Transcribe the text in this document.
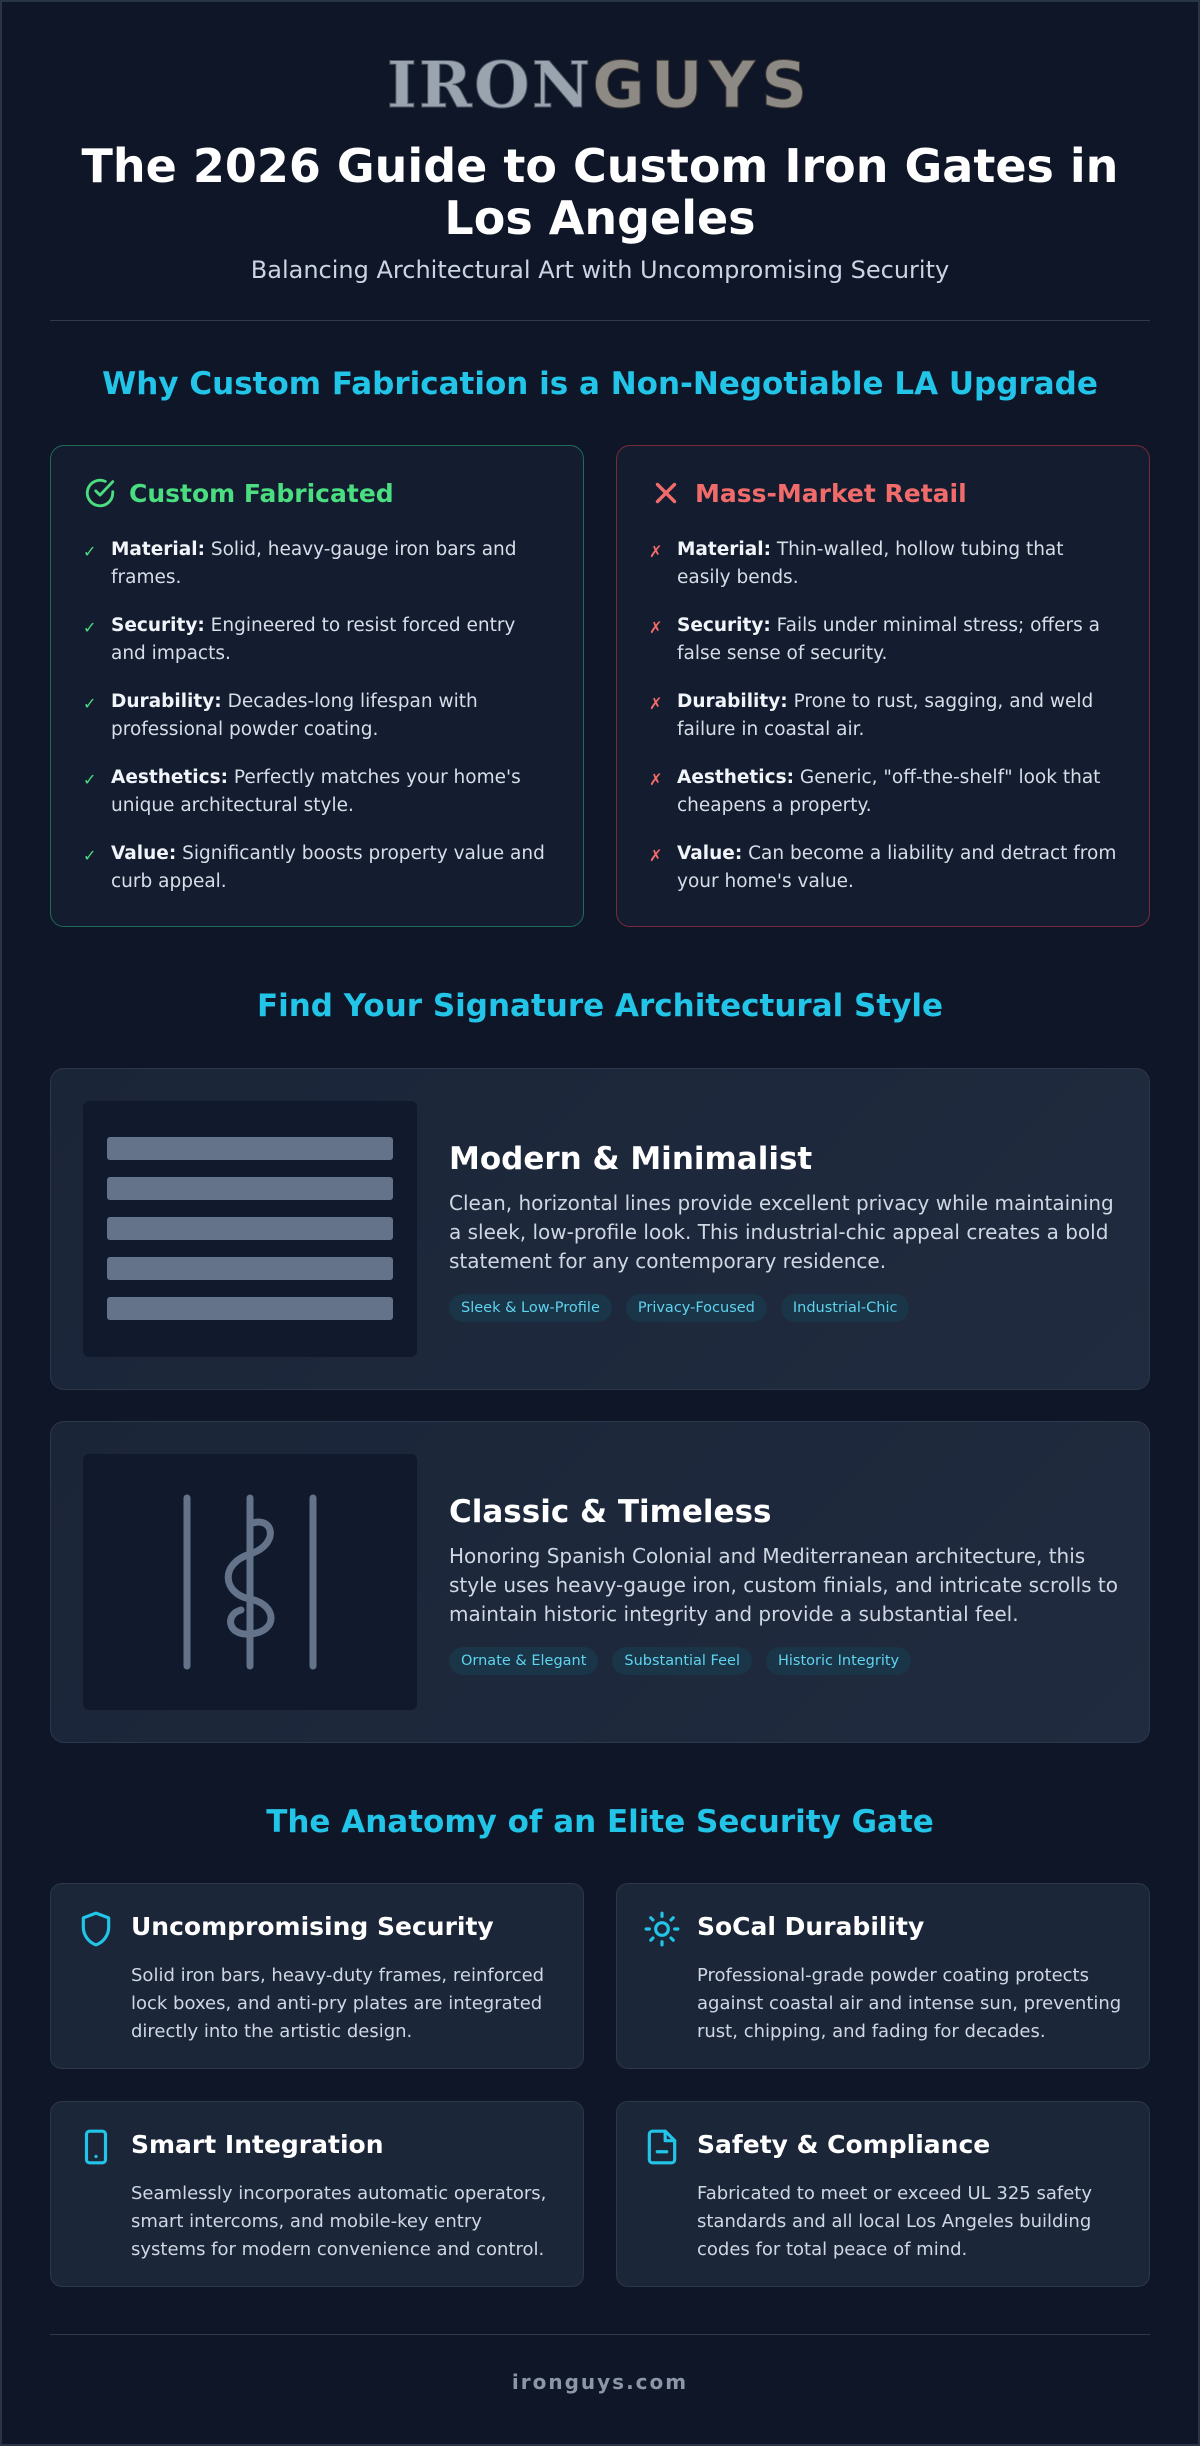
IRONGUYS
The 2026 Guide to Custom Iron Gates in Los Angeles
Balancing Architectural Art with Uncompromising Security
Why Custom Fabrication is a Non-Negotiable LA Upgrade
Custom Fabricated
✓ Material: Solid, heavy-gauge iron bars and frames.
✓ Security: Engineered to resist forced entry and impacts.
✓ Durability: Decades-long lifespan with professional powder coating.
✓ Aesthetics: Perfectly matches your home's unique architectural style.
✓ Value: Significantly boosts property value and curb appeal.
Mass-Market Retail
✗ Material: Thin-walled, hollow tubing that easily bends.
✗ Security: Fails under minimal stress; offers a false sense of security.
✗ Durability: Prone to rust, sagging, and weld failure in coastal air.
✗ Aesthetics: Generic, "off-the-shelf" look that cheapens a property.
✗ Value: Can become a liability and detract from your home's value.
Find Your Signature Architectural Style
Modern & Minimalist
Clean, horizontal lines provide excellent privacy while maintaining a sleek, low-profile look. This industrial-chic appeal creates a bold statement for any contemporary residence.
Sleek & Low-Profile	Privacy-Focused	Industrial-Chic
Classic & Timeless
Honoring Spanish Colonial and Mediterranean architecture, this style uses heavy-gauge iron, custom finials, and intricate scrolls to maintain historic integrity and provide a substantial feel.
Ornate & Elegant	Substantial Feel	Historic Integrity
The Anatomy of an Elite Security Gate
Uncompromising Security
Solid iron bars, heavy-duty frames, reinforced lock boxes, and anti-pry plates are integrated directly into the artistic design.
SoCal Durability
Professional-grade powder coating protects against coastal air and intense sun, preventing rust, chipping, and fading for decades.
Smart Integration
Seamlessly incorporates automatic operators, smart intercoms, and mobile-key entry systems for modern convenience and control.
Safety & Compliance
Fabricated to meet or exceed UL 325 safety standards and all local Los Angeles building codes for total peace of mind.
ironguys.com
